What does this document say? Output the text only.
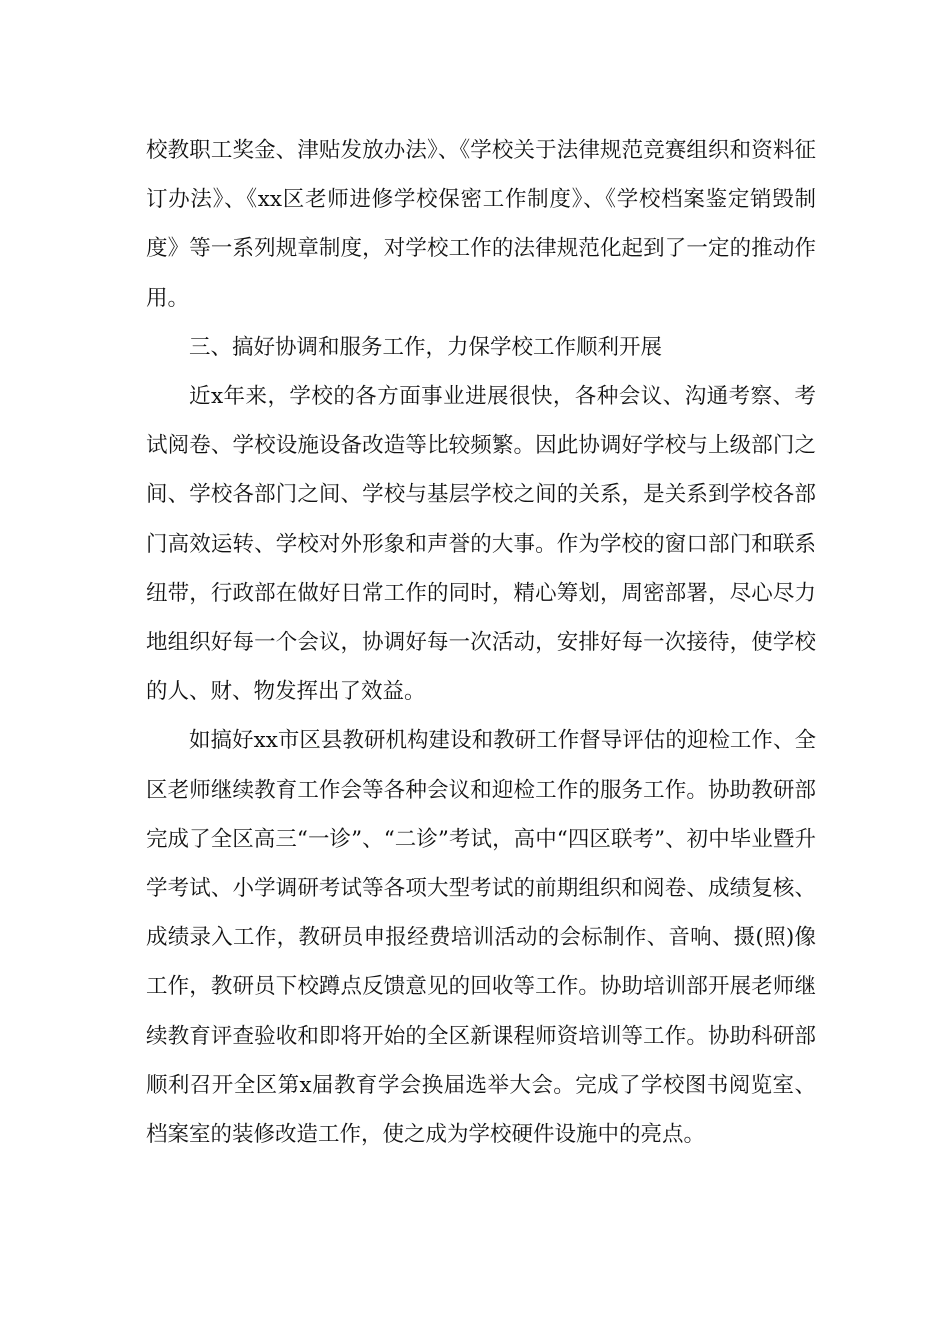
校教职工奖金、津贴发放办法》、《学校关于法律规范竞赛组织和资料征订办法》、《xx区老师进修学校保密工作制度》、《学校档案鉴定销毁制度》等一系列规章制度，对学校工作的法律规范化起到了一定的推动作用。

三、搞好协调和服务工作，力保学校工作顺利开展

近x年来，学校的各方面事业进展很快，各种会议、沟通考察、考试阅卷、学校设施设备改造等比较频繁。因此协调好学校与上级部门之间、学校各部门之间、学校与基层学校之间的关系，是关系到学校各部门高效运转、学校对外形象和声誉的大事。作为学校的窗口部门和联系纽带，行政部在做好日常工作的同时，精心筹划，周密部署，尽心尽力地组织好每一个会议，协调好每一次活动，安排好每一次接待，使学校的人、财、物发挥出了效益。

如搞好xx市区县教研机构建设和教研工作督导评估的迎检工作、全区老师继续教育工作会等各种会议和迎检工作的服务工作。协助教研部完成了全区高三“一诊”、“二诊”考试，高中“四区联考”、初中毕业暨升学考试、小学调研考试等各项大型考试的前期组织和阅卷、成绩复核、成绩录入工作，教研员申报经费培训活动的会标制作、音响、摄(照)像工作，教研员下校蹲点反馈意见的回收等工作。协助培训部开展老师继续教育评查验收和即将开始的全区新课程师资培训等工作。协助科研部顺利召开全区第x届教育学会换届选举大会。完成了学校图书阅览室、档案室的装修改造工作，使之成为学校硬件设施中的亮点。
